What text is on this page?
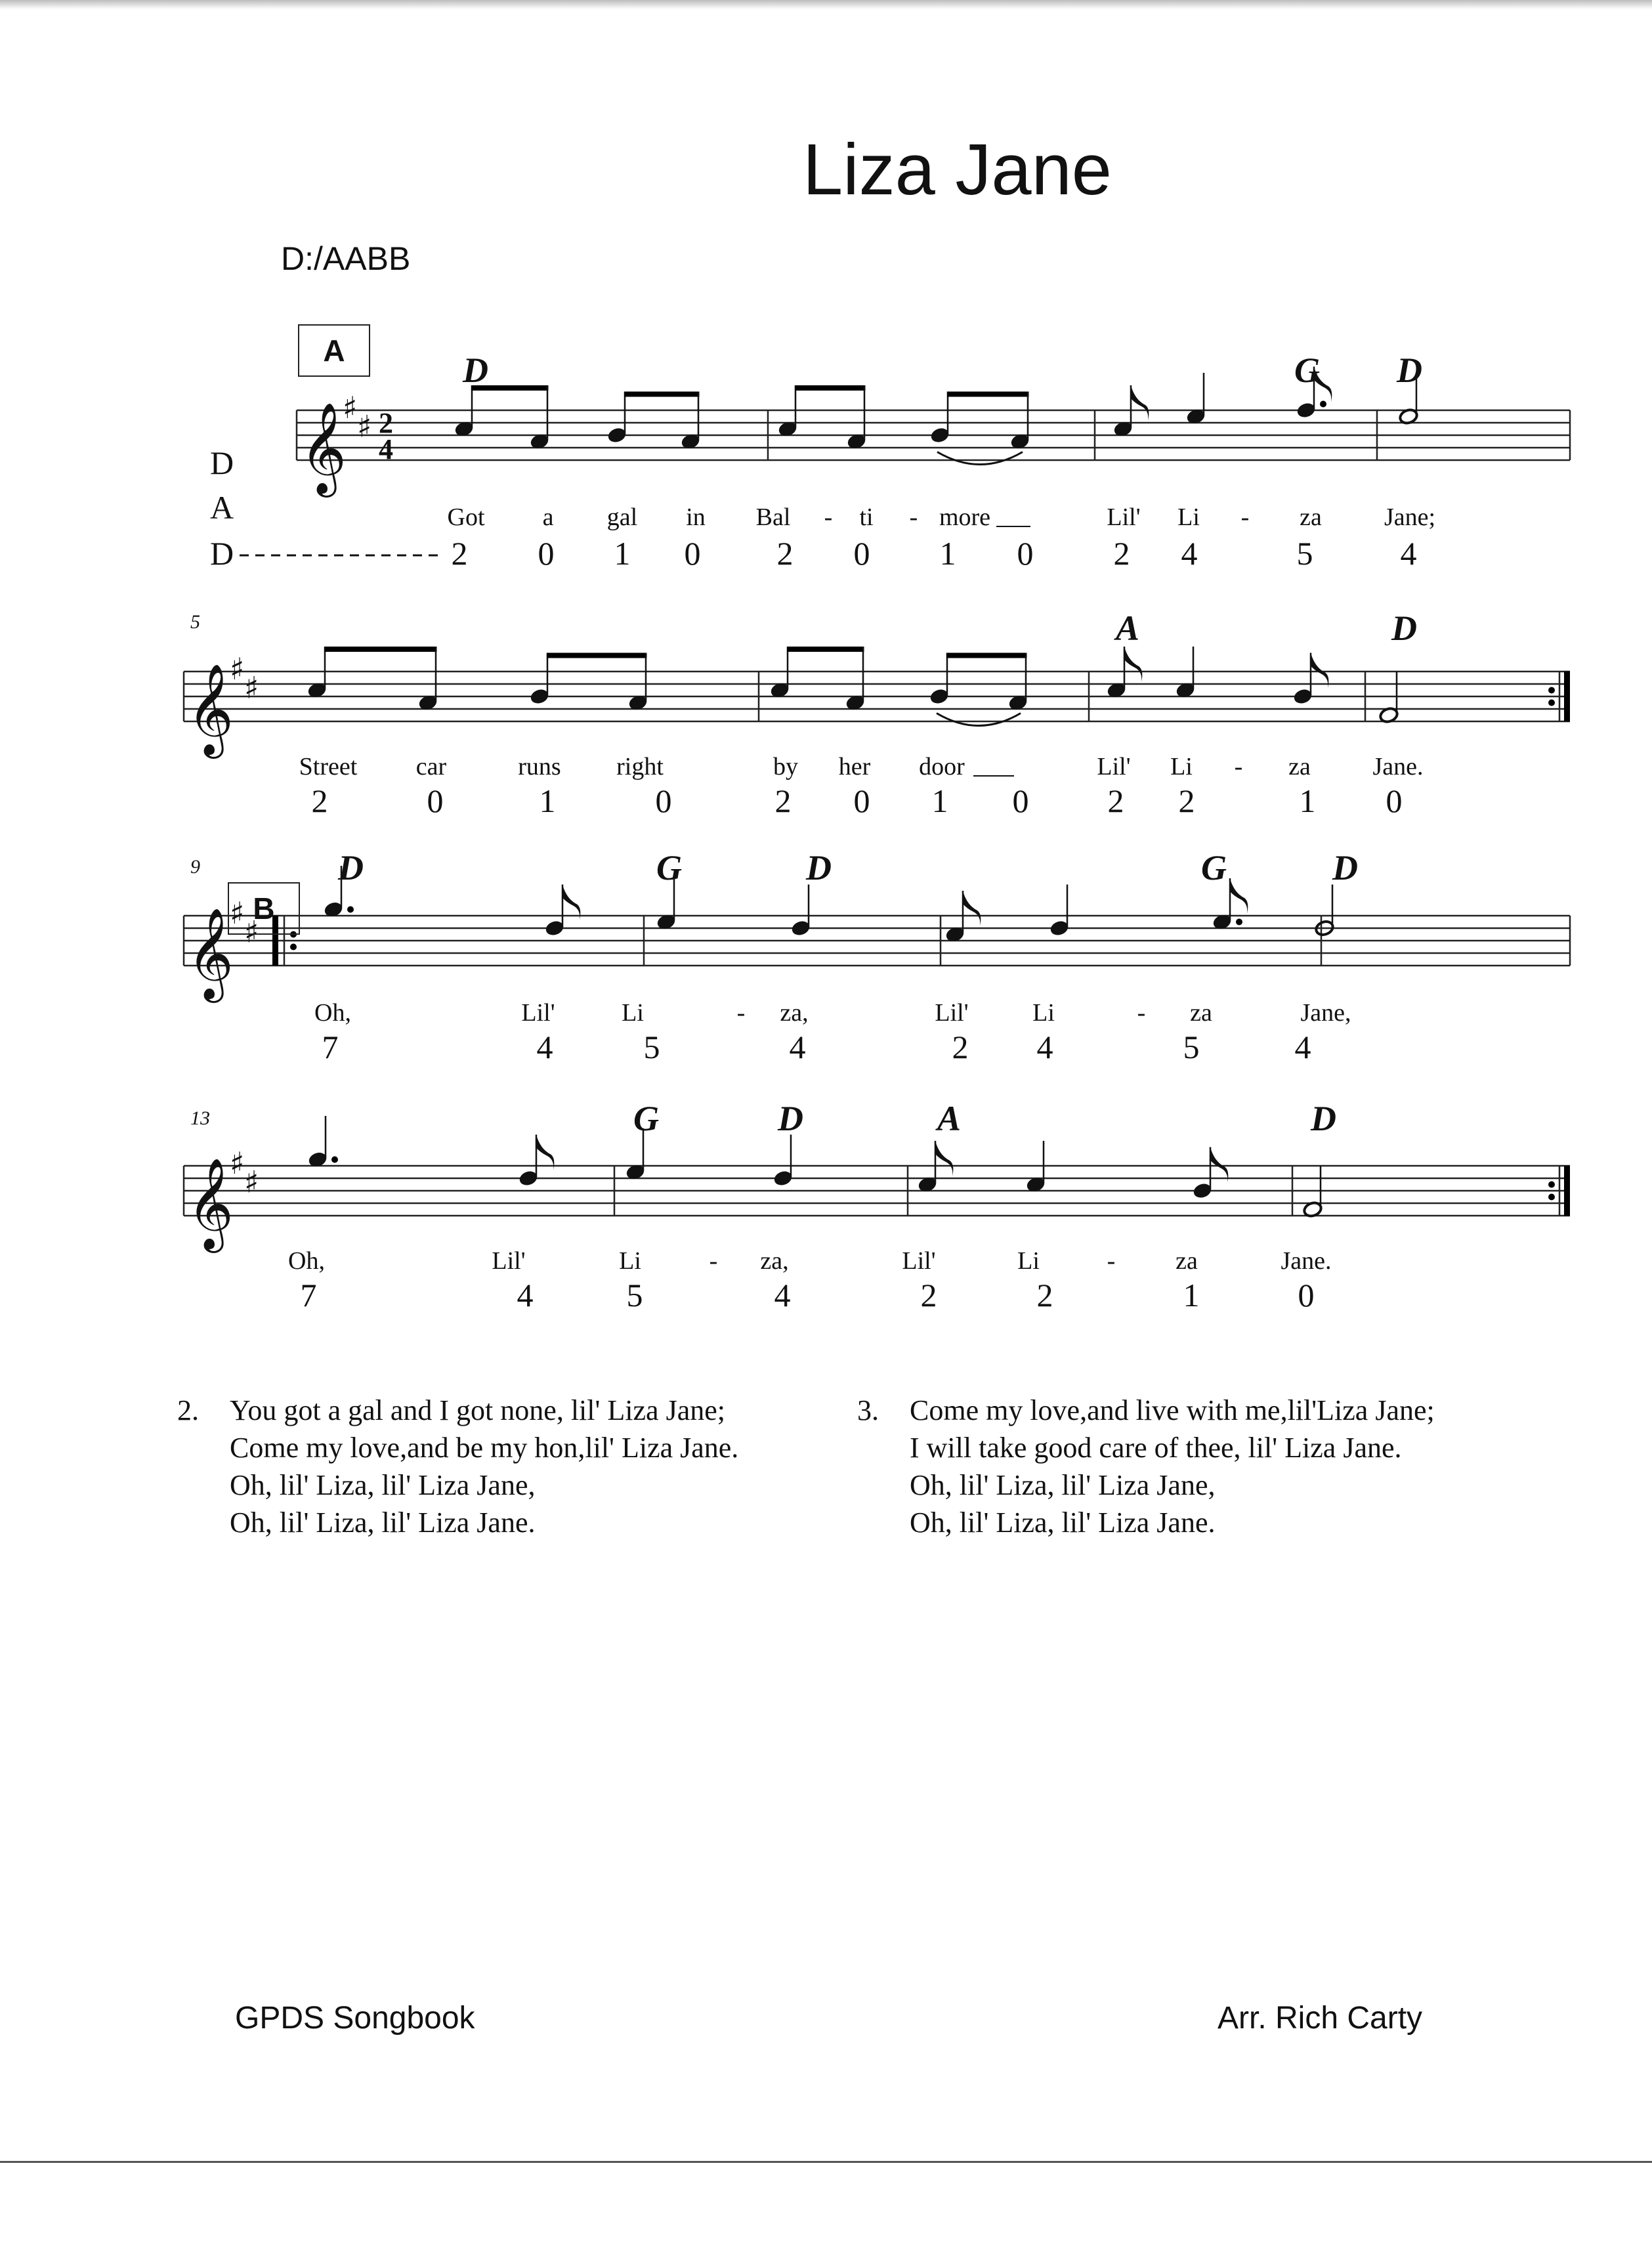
Liza Jane
D:/AABB
♯
♯
♯
♯
♯
♯
♯
♯
𝄞 2
4
A	D	G D
Got a gal in Bal - ti - more	Lil' Li - za	Jane;
2 0 1 0 2 0 1 0 2 4	5	4
𝄞
5	A	D
Street car	runs right	by her door	Lil' Li - za Jane.
2	0	1	0	2 0 1 0 2 2	1 0
𝄞 B
9	D	G	D	G	D
Oh,	Lil'	Li	- za,	Lil'	Li	- za	Jane,
7	4	5	4	2 4	5	4
𝄞
13	G	D	A	D
Oh,	Lil'	Li	- za,	Lil'	Li	- za	Jane.
7	4	5	4	2	2	1	0
D
A
D
2. You got a gal and I got none, lil' Liza Jane;
Come my love,and be my hon,lil' Liza Jane.
Oh, lil' Liza, lil' Liza Jane,
Oh, lil' Liza, lil' Liza Jane.
3. Come my love,and live with me,lil'Liza Jane;
I will take good care of thee, lil' Liza Jane.
Oh, lil' Liza, lil' Liza Jane,
Oh, lil' Liza, lil' Liza Jane.
GPDS Songbook	Arr. Rich Carty
